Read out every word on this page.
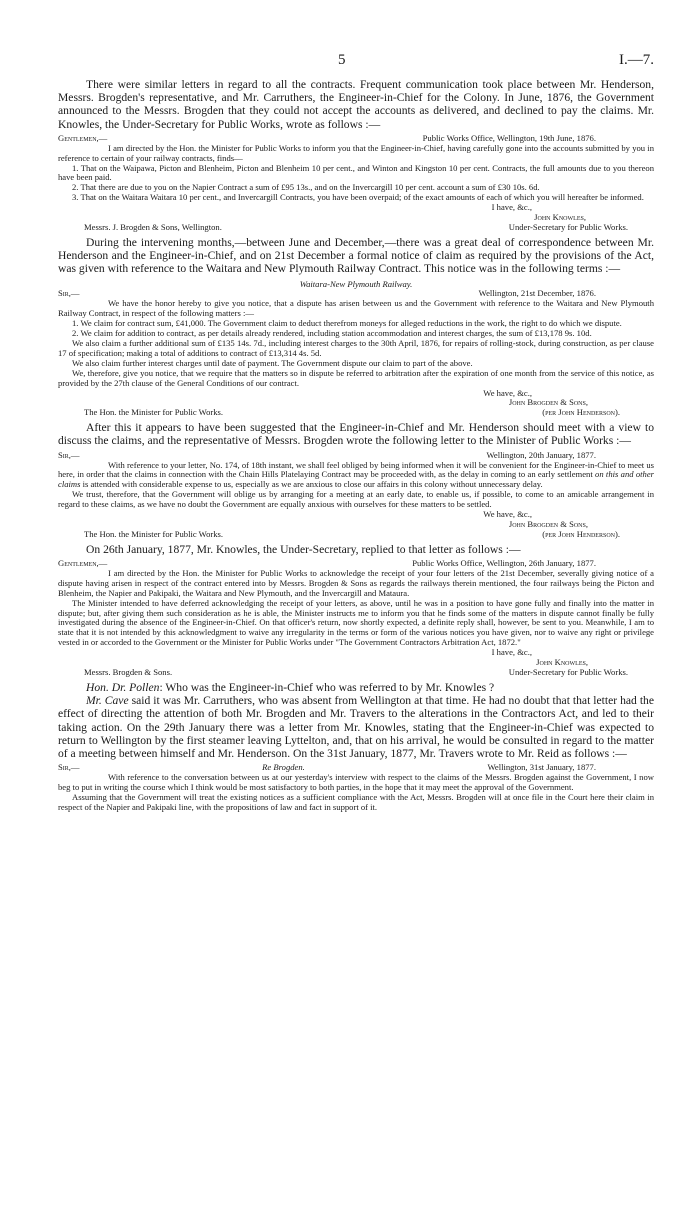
5	I.—7.

There were similar letters in regard to all the contracts. Frequent communication took place between Mr. Henderson, Messrs. Brogden's representative, and Mr. Carruthers, the Engineer-in-Chief for the Colony. In June, 1876, the Government announced to the Messrs. Brogden that they could not accept the accounts as delivered, and declined to pay the claims. Mr. Knowles, the Under-Secretary for Public Works, wrote as follows :—

Gentlemen,—	Public Works Office, Wellington, 19th June, 1876.

I am directed by the Hon. the Minister for Public Works to inform you that the Engineer-in-Chief, having carefully gone into the accounts submitted by you in reference to certain of your railway contracts, finds—

1. That on the Waipawa, Picton and Blenheim, Picton and Blenheim 10 per cent., and Winton and Kingston 10 per cent. Contracts, the full amounts due to you thereon have been paid.

2. That there are due to you on the Napier Contract a sum of £95 13s., and on the Invercargill 10 per cent. account a sum of £30 10s. 6d.

3. That on the Waitara Waitara 10 per cent., and Invercargill Contracts, you have been overpaid; of the exact amounts of each of which you will hereafter be informed.

I have, &c.,
John Knowles,
Messrs. J. Brogden & Sons, Wellington.	Under-Secretary for Public Works.

During the intervening months,—between June and December,—there was a great deal of correspondence between Mr. Henderson and the Engineer-in-Chief, and on 21st December a formal notice of claim as required by the provisions of the Act, was given with reference to the Waitara and New Plymouth Railway Contract. This notice was in the following terms :—

Waitara-New Plymouth Railway.
Sir,—	Wellington, 21st December, 1876.

We have the honor hereby to give you notice, that a dispute has arisen between us and the Government with reference to the Waitara and New Plymouth Railway Contract, in respect of the following matters :—

1. We claim for contract sum, £41,000. The Government claim to deduct therefrom moneys for alleged reductions in the work, the right to do which we dispute.

2. We claim for addition to contract, as per details already rendered, including station accommodation and interest charges, the sum of £13,178 9s. 10d.

We also claim a further additional sum of £135 14s. 7d., including interest charges to the 30th April, 1876, for repairs of rolling-stock, during construction, as per clause 17 of specification; making a total of additions to contract of £13,314 4s. 5d.

We also claim further interest charges until date of payment. The Government dispute our claim to part of the above.

We, therefore, give you notice, that we require that the matters so in dispute be referred to arbitration after the expiration of one month from the service of this notice, as provided by the 27th clause of the General Conditions of our contract.

We have, &c.,
John Brogden & Sons,
The Hon. the Minister for Public Works.	(per John Henderson).

After this it appears to have been suggested that the Engineer-in-Chief and Mr. Henderson should meet with a view to discuss the claims, and the representative of Messrs. Brogden wrote the following letter to the Minister of Public Works :—

Sir,—	Wellington, 20th January, 1877.

With reference to your letter, No. 174, of 18th instant, we shall feel obliged by being informed when it will be convenient for the Engineer-in-Chief to meet us here, in order that the claims in connection with the Chain Hills Platelaying Contract may be proceeded with, as the delay in coming to an early settlement on this and other claims is attended with considerable expense to us, especially as we are anxious to close our affairs in this colony without unnecessary delay.

We trust, therefore, that the Government will oblige us by arranging for a meeting at an early date, to enable us, if possible, to come to an amicable arrangement in regard to these claims, as we have no doubt the Government are equally anxious with ourselves for these matters to be settled.

We have, &c.,
John Brogden & Sons,
The Hon. the Minister for Public Works.	(per John Henderson).

On 26th January, 1877, Mr. Knowles, the Under-Secretary, replied to that letter as follows :—

Gentlemen,—	Public Works Office, Wellington, 26th January, 1877.

I am directed by the Hon. the Minister for Public Works to acknowledge the receipt of your four letters of the 21st December, severally giving notice of a dispute having arisen in respect of the contract entered into by Messrs. Brogden & Sons as regards the railways therein mentioned, the four railways being the Picton and Blenheim, the Napier and Pakipaki, the Waitara and New Plymouth, and the Invercargill and Mataura.

The Minister intended to have deferred acknowledging the receipt of your letters, as above, until he was in a position to have gone fully and finally into the matter in dispute; but, after giving them such consideration as he is able, the Minister instructs me to inform you that he finds some of the matters in dispute cannot finally be fully investigated during the absence of the Engineer-in-Chief. On that officer's return, now shortly expected, a definite reply shall, however, be sent to you. Meanwhile, I am to state that it is not intended by this acknowledgment to waive any irregularity in the terms or form of the various notices you have given, nor to waive any right or privilege vested in or accorded to the Government or the Minister for Public Works under "The Government Contractors Arbitration Act, 1872."

I have, &c.,
John Knowles,
Messrs. Brogden & Sons.	Under-Secretary for Public Works.

Hon. Dr. Pollen: Who was the Engineer-in-Chief who was referred to by Mr. Knowles ?

Mr. Cave said it was Mr. Carruthers, who was absent from Wellington at that time. He had no doubt that that letter had the effect of directing the attention of both Mr. Brogden and Mr. Travers to the alterations in the Contractors Act, and led to their taking action. On the 29th January there was a letter from Mr. Knowles, stating that the Engineer-in-Chief was expected to return to Wellington by the first steamer leaving Lyttelton, and, that on his arrival, he would be consulted in regard to the matter of a meeting between himself and Mr. Henderson. On the 31st January, 1877, Mr. Travers wrote to Mr. Reid as follows :—

Sir,—	Re Brogden.	Wellington, 31st January, 1877.

With reference to the conversation between us at our yesterday's interview with respect to the claims of the Messrs. Brogden against the Government, I now beg to put in writing the course which I think would be most satisfactory to both parties, in the hope that it may meet the approval of the Government.

Assuming that the Government will treat the existing notices as a sufficient compliance with the Act, Messrs. Brogden will at once file in the Court here their claim in respect of the Napier and Pakipaki line, with the propositions of law and fact in support of it.
